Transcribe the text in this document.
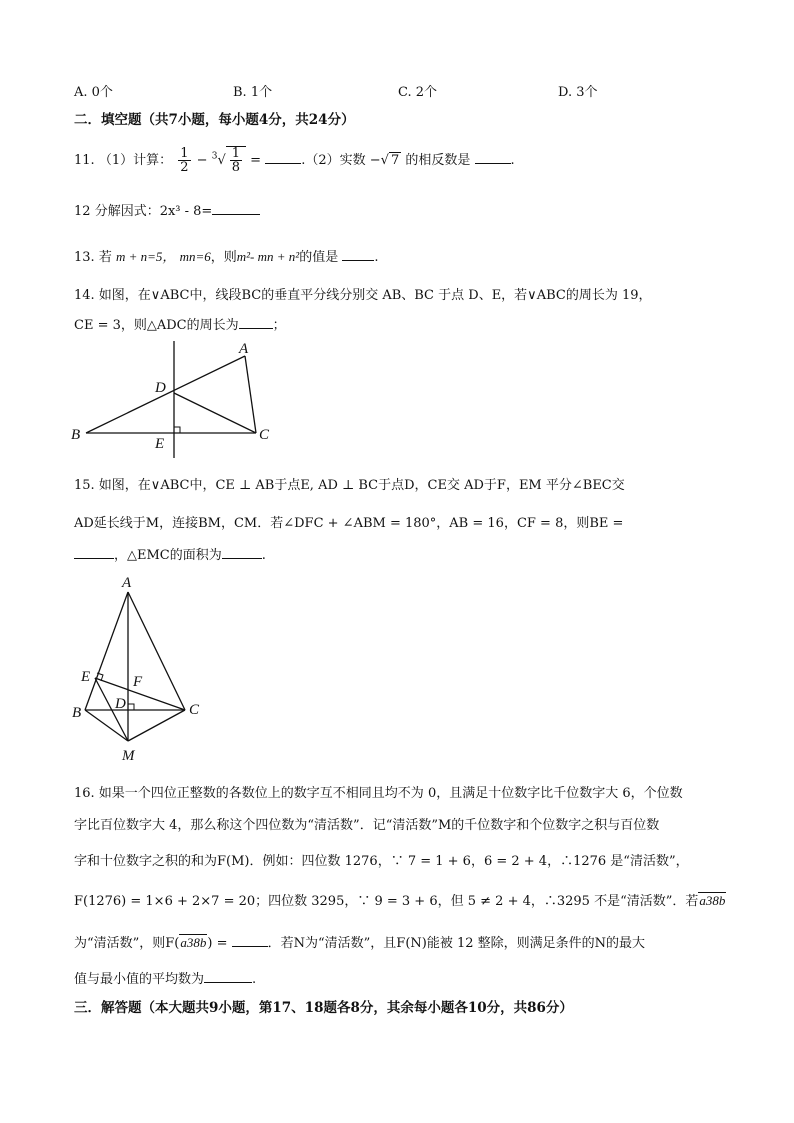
A. 0个	B. 1个	C. 2个	D. 3个
二．填空题（共7小题，每小题4分，共24分）
11. （1）计算： $\frac{1}{2} - ^3√ \frac{1}{8}$ =	.（2）实数 −√ 7 的相反数是	.
12 分解因式：2x³ - 8=
13. 若 m + n=5， mn=6，则m²- mn + n²的值是	.
14. 如图，在∨ABC中，线段BC的垂直平分线分别交 AB、BC 于点 D、E，若∨ABC的周长为 19，
CE = 3，则△ADC的周长为	；
A
B	C
D
E
15. 如图，在∨ABC中，CE ⊥ AB于点E, AD ⊥ BC于点D，CE交 AD于F，EM 平分∠BEC交
AD延长线于M，连接BM，CM．若∠DFC + ∠ABM = 180°，AB = 16，CF = 8，则BE =
，△EMC的面积为	.
A
B	C
D
E	F
M
16. 如果一个四位正整数的各数位上的数字互不相同且均不为 0，且满足十位数字比千位数字大 6，个位数
字比百位数字大 4，那么称这个四位数为“清活数”．记“清活数”M的千位数字和个位数字之积与百位数
字和十位数字之积的和为F(M)．例如：四位数 1276，∵ 7 = 1 + 6，6 = 2 + 4，∴1276 是“清活数”，
F(1276) = 1×6 + 2×7 = 20；四位数 3295，∵ 9 = 3 + 6，但 5 ≠ 2 + 4，∴3295 不是“清活数”．若a38b
为“清活数”，则F(a38b) =	．若N为“清活数”，且F(N)能被 12 整除，则满足条件的N的最大
值与最小值的平均数为	.
三．解答题（本大题共9小题，第17、18题各8分，其余每小题各10分，共86分）
